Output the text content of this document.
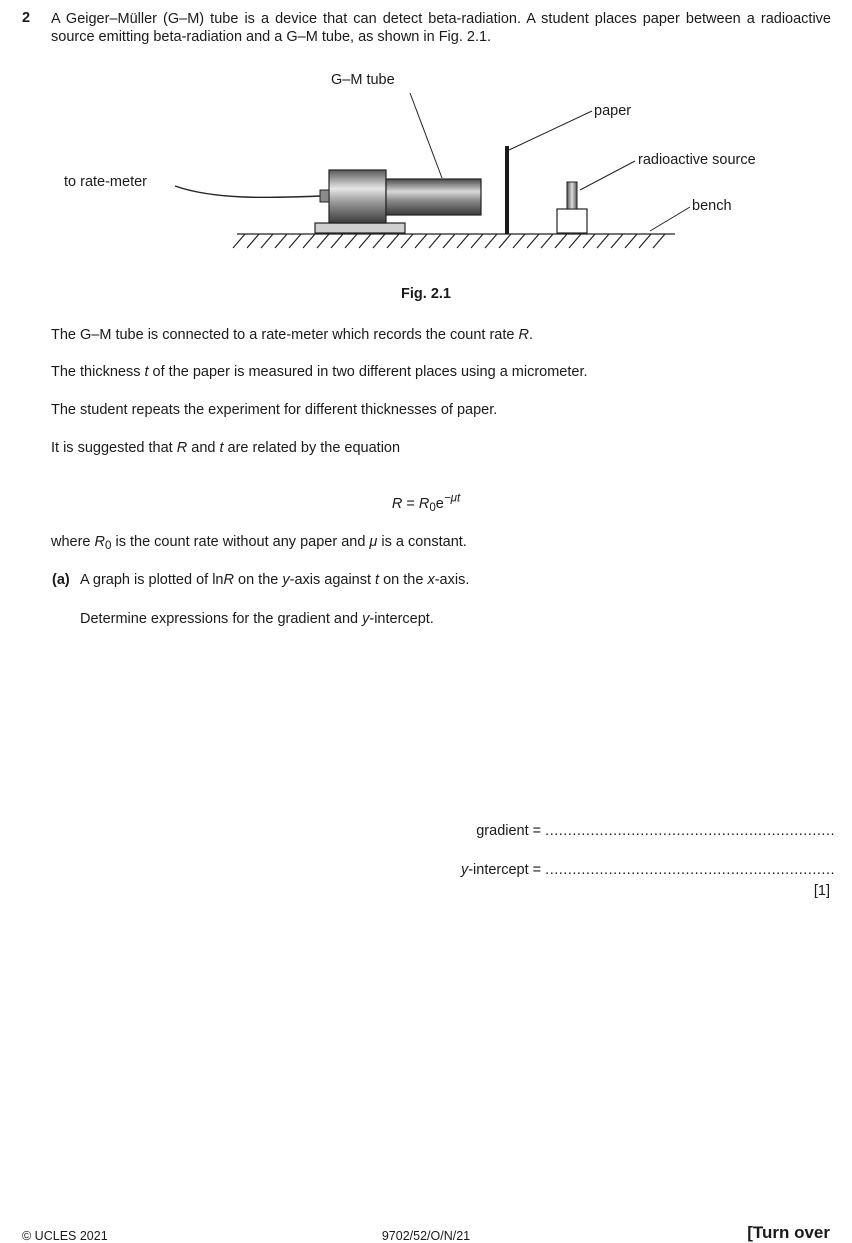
2 A Geiger–Müller (G–M) tube is a device that can detect beta-radiation. A student places paper between a radioactive source emitting beta-radiation and a G–M tube, as shown in Fig. 2.1.
G–M tube
paper
to rate-meter
radioactive source
bench
Fig. 2.1
The G–M tube is connected to a rate-meter which records the count rate R.
The thickness t of the paper is measured in two different places using a micrometer.
The student repeats the experiment for different thicknesses of paper.
It is suggested that R and t are related by the equation
$R = R_0e^{-\mu t}$
where $R_0$ is the count rate without any paper and μ is a constant.
(a) A graph is plotted of lnR on the y-axis against t on the x-axis.
Determine expressions for the gradient and y-intercept.
gradient = ................................................................
y-intercept = ................................................................
[1]
© UCLES 2021	9702/52/O/N/21	[Turn over
